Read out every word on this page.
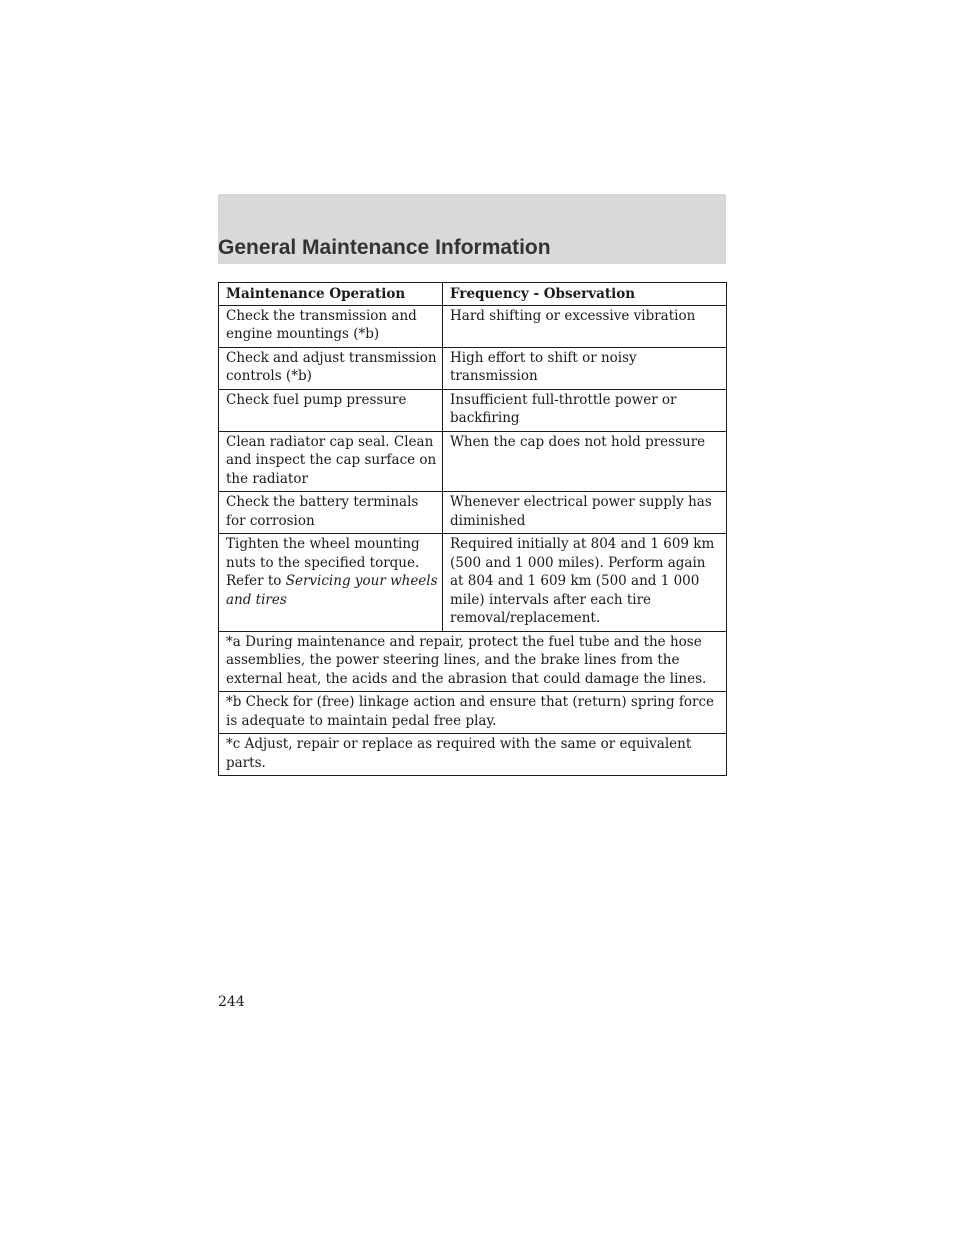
General Maintenance Information
Maintenance Operation	Frequency - Observation
Check the transmission and engine mountings (*b)	Hard shifting or excessive vibration
Check and adjust transmission controls (*b)	High effort to shift or noisy transmission
Check fuel pump pressure	Insufficient full-throttle power or backfiring
Clean radiator cap seal. Clean and inspect the cap surface on the radiator	When the cap does not hold pressure
Check the battery terminals for corrosion	Whenever electrical power supply has diminished
Tighten the wheel mounting nuts to the specified torque. Refer to Servicing your wheels and tires	Required initially at 804 and 1 609 km (500 and 1 000 miles). Perform again at 804 and 1 609 km (500 and 1 000 mile) intervals after each tire removal/replacement.
*a During maintenance and repair, protect the fuel tube and the hose assemblies, the power steering lines, and the brake lines from the external heat, the acids and the abrasion that could damage the lines.	
*b Check for (free) linkage action and ensure that (return) spring force is adequate to maintain pedal free play.	
*c Adjust, repair or replace as required with the same or equivalent parts.	
244
